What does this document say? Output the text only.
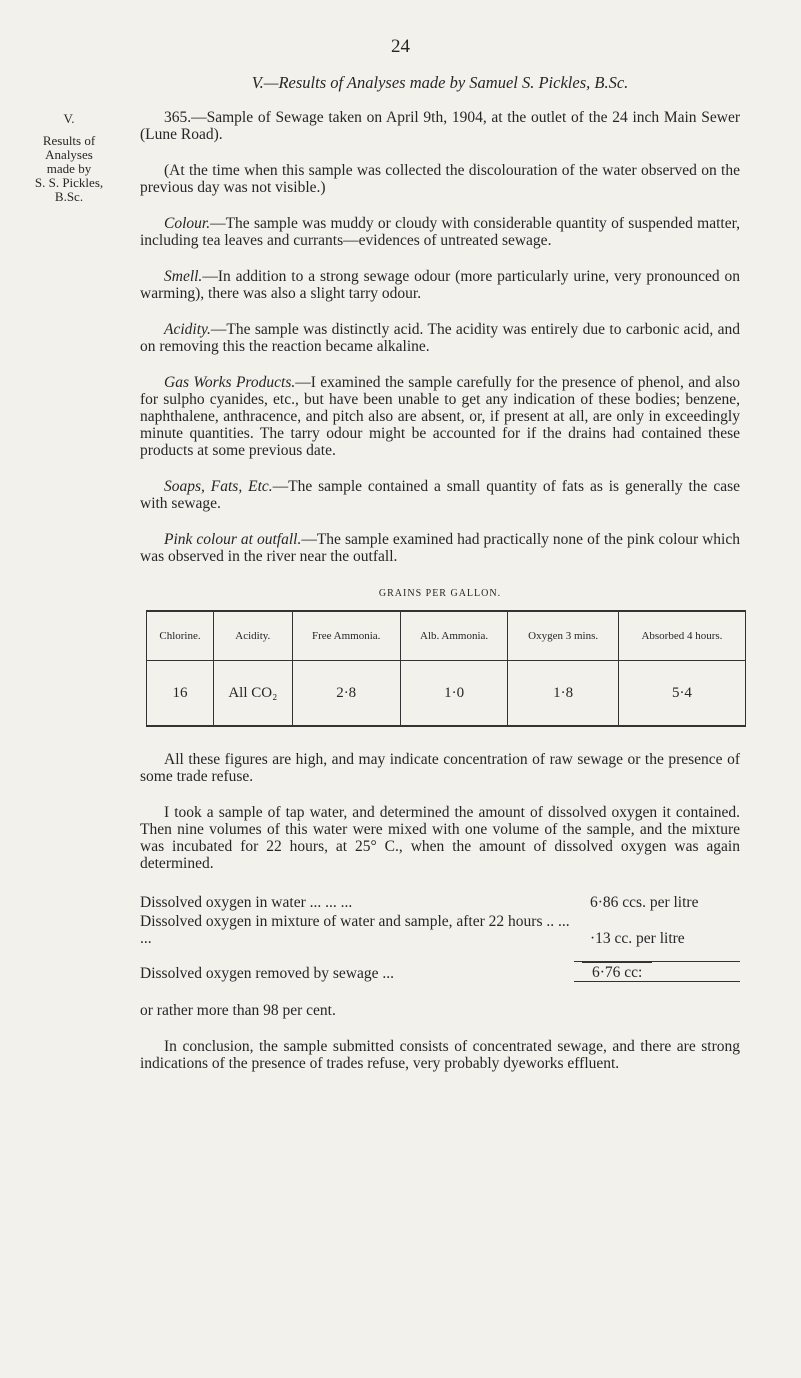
24
V.
Results of
Analyses
made by
S. S. Pickles,
B.Sc.
V.—Results of Analyses made by Samuel S. Pickles, B.Sc.

365.—Sample of Sewage taken on April 9th, 1904, at the outlet of the 24 inch Main Sewer (Lune Road).

(At the time when this sample was collected the discolouration of the water observed on the previous day was not visible.)

Colour.—The sample was muddy or cloudy with considerable quantity of suspended matter, including tea leaves and currants—evidences of untreated sewage.

Smell.—In addition to a strong sewage odour (more particularly urine, very pronounced on warming), there was also a slight tarry odour.

Acidity.—The sample was distinctly acid. The acidity was entirely due to carbonic acid, and on removing this the reaction became alkaline.

Gas Works Products.—I examined the sample carefully for the presence of phenol, and also for sulpho cyanides, etc., but have been unable to get any indication of these bodies; benzene, naphthalene, anthracence, and pitch also are absent, or, if present at all, are only in exceedingly minute quantities. The tarry odour might be accounted for if the drains had contained these products at some previous date.

Soaps, Fats, Etc.—The sample contained a small quantity of fats as is generally the case with sewage.

Pink colour at outfall.—The sample examined had practically none of the pink colour which was observed in the river near the outfall.

GRAINS PER GALLON.
Chlorine.	Acidity.	Free Ammonia.	Alb. Ammonia.	Oxygen 3 mins.	Absorbed 4 hours.
16	All CO₂	2·8	1·0	1·8	5·4

All these figures are high, and may indicate concentration of raw sewage or the presence of some trade refuse.

I took a sample of tap water, and determined the amount of dissolved oxygen it contained. Then nine volumes of this water were mixed with one volume of the sample, and the mixture was incubated for 22 hours, at 25° C., when the amount of dissolved oxygen was again determined.

Dissolved oxygen in water ... ... ...	6·86 ccs. per litre
Dissolved oxygen in mixture of water and sample, after 22 hours .. ... ...	·13 cc. per litre
Dissolved oxygen removed by sewage ...	6·76 cc:

or rather more than 98 per cent.

In conclusion, the sample submitted consists of concentrated sewage, and there are strong indications of the presence of trades refuse, very probably dyeworks effluent.
